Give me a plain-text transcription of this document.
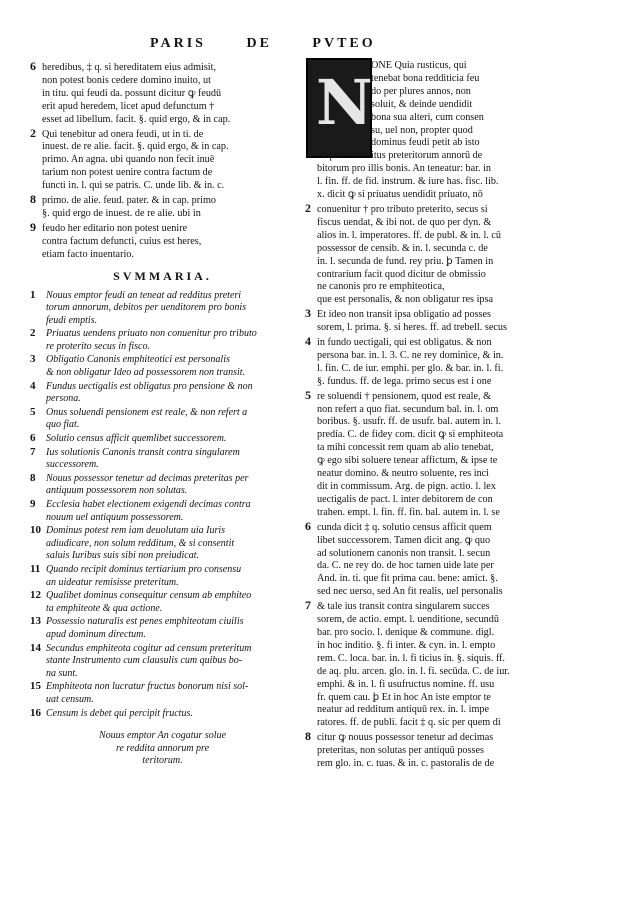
PARIS	DE	PVTEO
6 heredibus, ‡ q. si hereditatem eius admisit,
non potest bonis cedere domino inuito, ut
in titu. qui feudi da. possunt dicitur ꝙ feudū
erit apud heredem, licet apud defunctum †
esset ad libellum. facit. §. quid ergo, & in cap.
2 Qui tenebitur ad onera feudi, ut in ti. de
inuest. de re alie. facit. §. quid ergo, & in cap.
primo. An agna. ubi quando non fecit inuē
tarium non potest uenire contra factum de
functi in. l. qui se patris. C. unde lib. & in. c.
8 primo. de alie. feud. pater. & in cap. primo
§. quid ergo de inuest. de re alie. ubi in
9 feudo her editario non potest uenire
contra factum defuncti, cuius est heres,
etiam facto inuentario.
SVMMARIA.
1 Nouus emptor feudi an teneat ad redditus preteri
torum annorum, debitos per uenditorem pro bonis
feudi emptis.
2 Priuatus uendens priuato non conuenitur pro tributo
re proterito secus in fisco.
3 Obligatio Canonis emphiteotici est personalis
& non obligatur Ideo ad possessorem non transit.
4 Fundus uectigalis est obligatus pro pensione & non
persona.
5 Onus soluendi pensionem est reale, & non refert a
quo fiat.
6 Solutio census afficit quemlibet successorem.
7 Ius solutionis Canonis transit contra singularem
successorem.
8 Nouus possessor tenetur ad decimas preteritas per
antiquum possessorem non solutas.
9 Ecclesia habet electionem exigendi decimas contra
nouum uel antiquum possessorem.
10 Dominus potest rem iam deuolutam uia Iuris
adiudicare, non solum redditum, & si consentit
saluis Iuribus suis sibi non preiudicat.
11 Quando recipit dominus tertiarium pro consensu
an uideatur remisisse preteritum.
12 Qualibet dominus consequitur censum ab emphiteo
ta emphiteote & qua actione.
13 Possessio naturalis est penes emphiteotam ciuilis
apud dominum directum.
14 Secundus emphiteota cogitur ad censum preteritum
stante Instrumento cum clausulis cum quibus bo-
na sunt.
15 Emphiteota non lucratur fructus bonorum nisi sol-
uat censum.
16 Censum is debet qui percipit fructus.
Nouus emptor An cogatur solue
re reddita annorum pre
teritorum.
N
ONE Quia rusticus, qui
tenebat bona redditicia feu
do per plures annos, non
soluit, & deinde uendidit
bona sua alteri, cum consen
su, uel non, propter quod
dominus feudi petit ab isto
emptore redditus preteritorum annorū de
bitorum pro illis bonis. An teneatur: bar. in
l. fin. ff. de fid. instrum. & iure has. fisc. lib.
x. dicit ꝙ si priuatus uendidit priuato, nō
2 conuenitur † pro tributo preterito, secus si
fiscus uendat, & ibi not. de quo per dyn. &
alios in. l. imperatores. ff. de publ. & in. l. cū
possessor de censib. & in. l. secunda c. de
in. l. secunda de fund. rey priu. ꝧ Tamen in
contrarium facit quod dicitur de obmissio
ne canonis pro re emphiteotica,
que est personalis, & non obligatur res ipsa
3 Et ideo non transit ipsa obligatio ad posses
sorem, l. prima. §. si heres. ff. ad trebell. secus
4 in fundo uectigali, qui est obligatus. & non
persona bar. in. l. 3. C. ne rey dominice, & in.
l. fin. C. de iur. emphi. per glo. & bar. in. l. fi.
§. fundus. ff. de lega. primo secus est i one
5 re soluendi † pensionem, quod est reale, &
non refert a quo fiat. secundum bal. in. l. om
boribus. §. usufr. ff. de usufr. bal. autem in. l.
predia. C. de fidey com. dicit ꝙ si emphiteota
ta mihi concessit rem quam ab alio tenebat,
ꝙ ego sibi soluere tenear affictum, & ipse te
neatur domino. & neutro soluente, res inci
dit in commissum. Arg. de pign. actio. l. lex
uectigalis de pact. l. inter debitorem de con
trahen. empt. l. fin. ff. fin. bal. autem in. l. se
6 cunda dicit ‡ q. solutio census afficit quem
libet successorem. Tamen dicit ang. ꝙ quo
ad solutionem canonis non transit. l. secun
da. C. ne rey do. de hoc tamen uide late per
And. in. ti. que fit prima cau. bene: amict. §.
sed nec uerso, sed An fit realis, uel personalis
7 & tale ius transit contra singularem succes
sorem, de actio. empt. l. uenditione, secundū
bar. pro socio. l. denique & commune. digl.
in hoc inditio. §. fi inter. & cyn. in. l. empto
rem. C. loca. bar. in. l. fi ticius in. §. siquis. ff.
de aq. plu. arcen. glo. in. l. fi. secūda. C. de iur.
emphi. & in. l. fi usufructus nomine. ff. usu
fr. quem cau. ꝧ Et in hoc An iste emptor te
neatur ad redditum antiquū rex. in. l. impe
ratores. ff. de publi. facit ‡ q. sic per quem di
8 citur ꝙ nouus possessor tenetur ad decimas
preteritas, non solutas per antiquū posses
rem glo. in. c. tuas. & in. c. pastoralis de de
